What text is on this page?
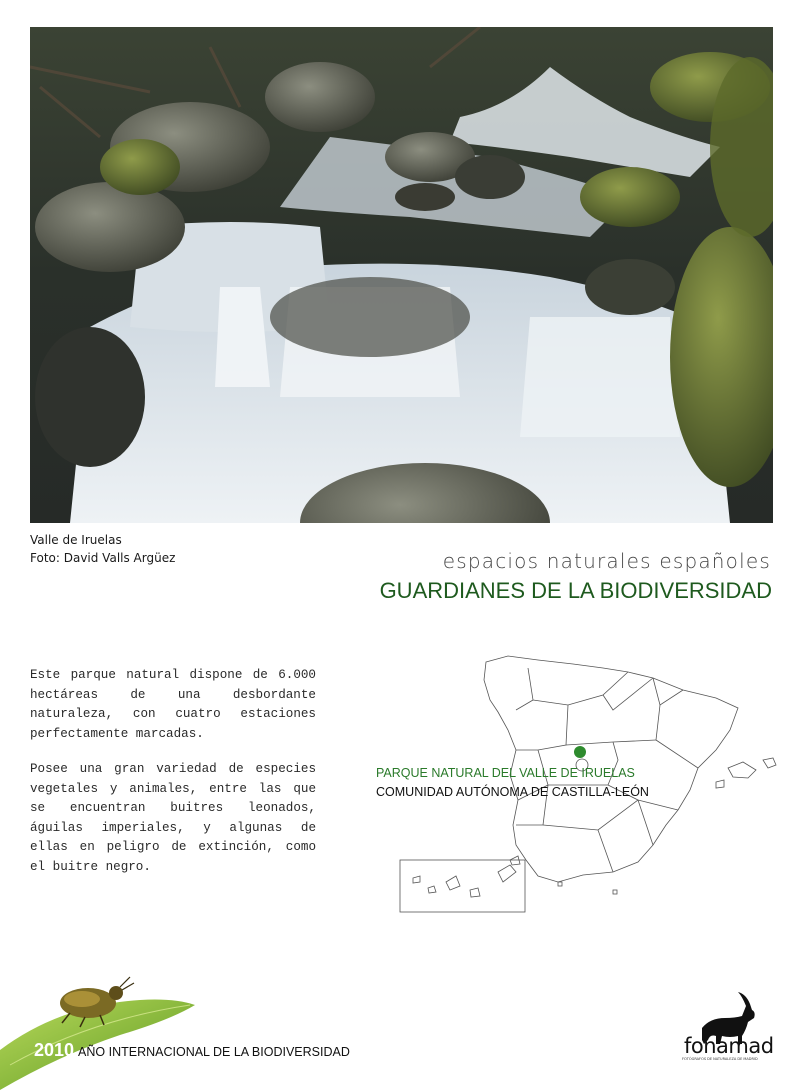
Valle de Iruelas
Foto: David Valls Argüez	espacios naturales españoles
GUARDIANES DE LA BIODIVERSIDAD

Este parque natural dispone de 6.000 hectáreas de una desbordante naturaleza, con cuatro estaciones perfectamente marcadas.

Posee una gran variedad de especies vegetales y animales, entre las que se encuentran buitres leonados, águilas imperiales, y algunas de ellas en peligro de extinción, como el buitre negro.

PARQUE NATURAL DEL VALLE DE IRUELAS
COMUNIDAD AUTÓNOMA DE CASTILLA-LEÓN
2010 AÑO INTERNACIONAL DE LA BIODIVERSIDAD	fonamad
FOTÓGRAFOS DE NATURALEZA DE MADRID
